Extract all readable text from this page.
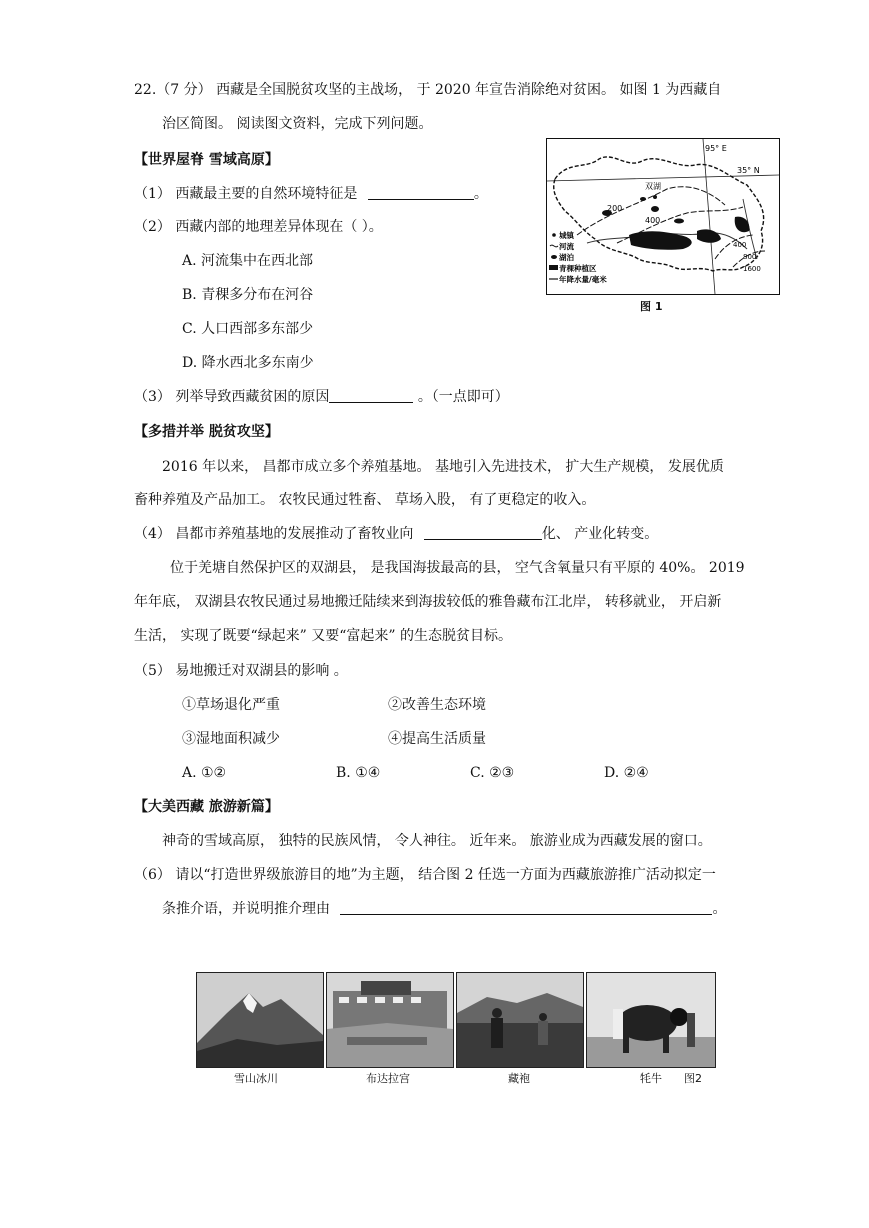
22.（7 分） 西藏是全国脱贫攻坚的主战场， 于 2020 年宣告消除绝对贫困。 如图 1 为西藏自
治区简图。 阅读图文资料，完成下列问题。
【世界屋脊 雪域高原】
（1） 西藏最主要的自然环境特征是	。
（2） 西藏内部的地理差异体现在（ ）。
A. 河流集中在西北部
B. 青稞多分布在河谷
C. 人口西部多东部少
D. 降水西北多东南少
（3） 列举导致西藏贫困的原因	。（一点即可）
95° E
35° N
双湖
200
400
400
800
1600
城镇
河流
湖泊
青稞种植区
年降水量/毫米
图 1
【多措并举 脱贫攻坚】
2016 年以来， 昌都市成立多个养殖基地。 基地引入先进技术， 扩大生产规模， 发展优质
畜种养殖及产品加工。 农牧民通过牲畜、 草场入股， 有了更稳定的收入。
（4） 昌都市养殖基地的发展推动了畜牧业向	化、 产业化转变。
位于羌塘自然保护区的双湖县， 是我国海拔最高的县， 空气含氧量只有平原的 40%。 2019
年年底， 双湖县农牧民通过易地搬迁陆续来到海拔较低的雅鲁藏布江北岸， 转移就业， 开启新
生活， 实现了既要“绿起来” 又要“富起来” 的生态脱贫目标。
（5） 易地搬迁对双湖县的影响 。
①草场退化严重	②改善生态环境
③湿地面积减少	④提高生活质量
A. ①②	B. ①④	C. ②③	D. ②④
【大美西藏 旅游新篇】
神奇的雪域高原， 独特的民族风情， 令人神往。 近年来。 旅游业成为西藏发展的窗口。
（6） 请以“打造世界级旅游目的地”为主题， 结合图 2 任选一方面为西藏旅游推广活动拟定一
条推介语，并说明推介理由	。
雪山冰川	布达拉宫	藏袍	牦牛 图2
